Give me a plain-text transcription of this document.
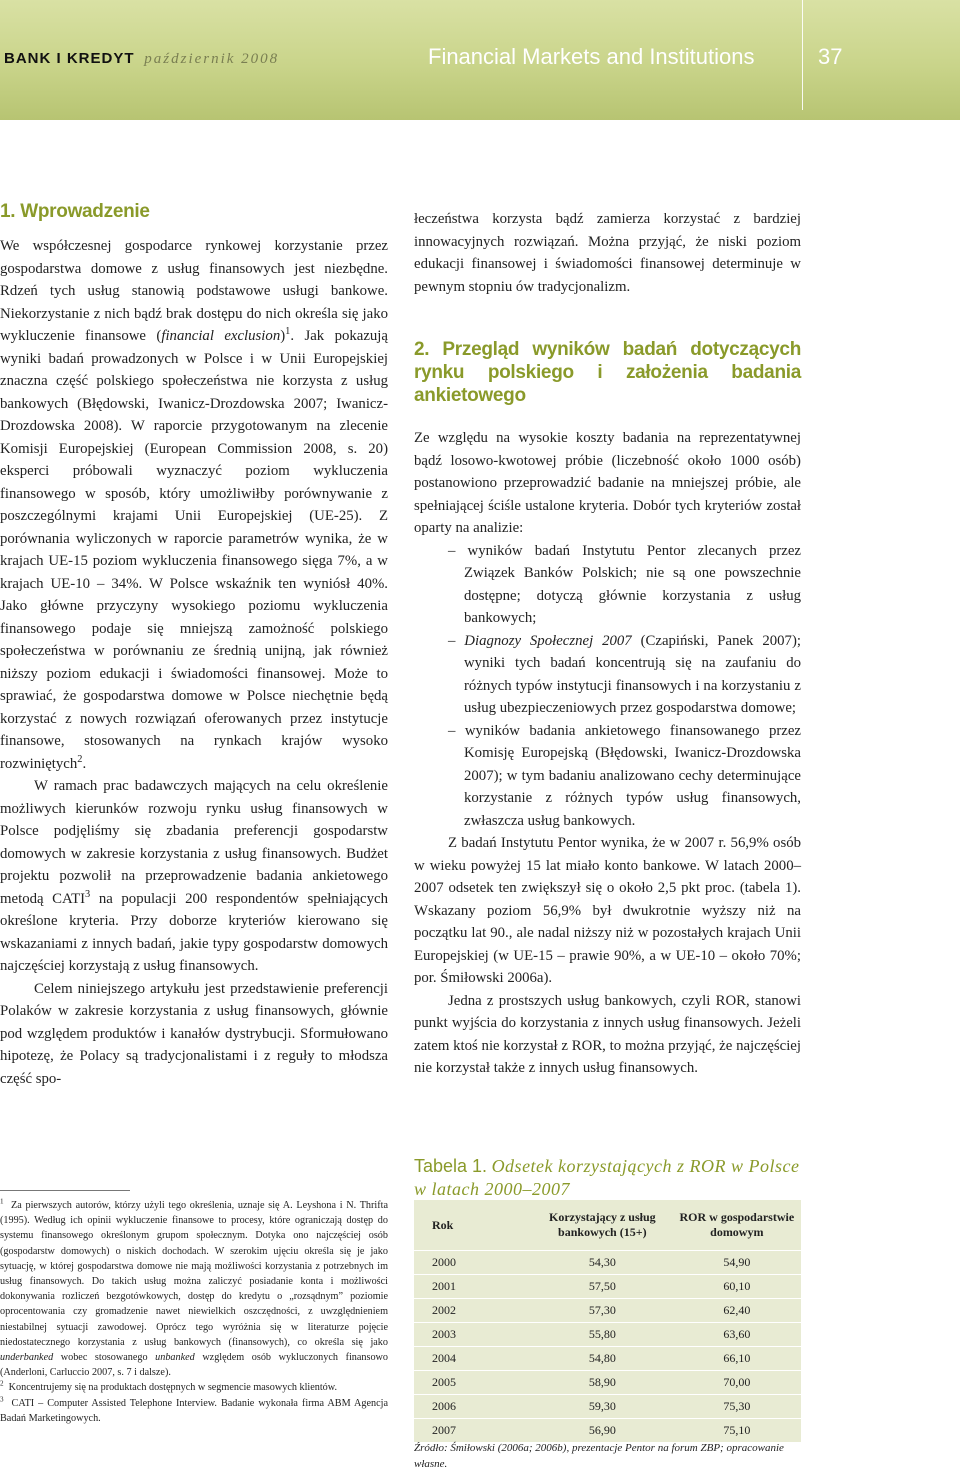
BANK I KREDYT październik 2008	Financial Markets and Institutions	37
1. Wprowadzenie

We współczesnej gospodarce rynkowej korzystanie przez gospodarstwa domowe z usług finansowych jest niezbędne. Rdzeń tych usług stanowią podstawowe usługi bankowe. Niekorzystanie z nich bądź brak dostępu do nich określa się jako wykluczenie finansowe (financial exclusion)$^1$. Jak pokazują wyniki badań prowadzonych w Polsce i w Unii Europejskiej znaczna część polskiego społeczeństwa nie korzysta z usług bankowych (Błędowski, Iwanicz-Drozdowska 2007; Iwanicz-Drozdowska 2008). W raporcie przygotowanym na zlecenie Komisji Europejskiej (European Commission 2008, s. 20) eksperci próbowali wyznaczyć poziom wykluczenia finansowego w sposób, który umożliwiłby porównywanie z poszczególnymi krajami Unii Europejskiej (UE-25). Z porównania wyliczonych w raporcie parametrów wynika, że w krajach UE-15 poziom wykluczenia finansowego sięga 7%, a w krajach UE-10 – 34%. W Polsce wskaźnik ten wyniósł 40%. Jako główne przyczyny wysokiego poziomu wykluczenia finansowego podaje się mniejszą zamożność polskiego społeczeństwa w porównaniu ze średnią unijną, jak również niższy poziom edukacji i świadomości finansowej. Może to sprawiać, że gospodarstwa domowe w Polsce niechętnie będą korzystać z nowych rozwiązań oferowanych przez instytucje finansowe, stosowanych na rynkach krajów wysoko rozwiniętych$^2$.

W ramach prac badawczych mających na celu określenie możliwych kierunków rozwoju rynku usług finansowych w Polsce podjęliśmy się zbadania preferencji gospodarstw domowych w zakresie korzystania z usług finansowych. Budżet projektu pozwolił na przeprowadzenie badania ankietowego metodą CATI$^3$ na populacji 200 respondentów spełniających określone kryteria. Przy doborze kryteriów kierowano się wskazaniami z innych badań, jakie typy gospodarstw domowych najczęściej korzystają z usług finansowych.

Celem niniejszego artykułu jest przedstawienie preferencji Polaków w zakresie korzystania z usług finansowych, głównie pod względem produktów i kanałów dystrybucji. Sformułowano hipotezę, że Polacy są tradycjonalistami i z reguły to młodsza część spo-

$^1$ Za pierwszych autorów, którzy użyli tego określenia, uznaje się A. Leyshona i N. Thrifta (1995). Według ich opinii wykluczenie finansowe to procesy, które ograniczają dostęp do systemu finansowego określonym grupom społecznym. Dotyka ono najczęściej osób (gospodarstw domowych) o niskich dochodach. W szerokim ujęciu określa się je jako sytuację, w której gospodarstwa domowe nie mają możliwości korzystania z potrzebnych im usług finansowych. Do takich usług można zaliczyć posiadanie konta i możliwości dokonywania rozliczeń bezgotówkowych, dostęp do kredytu o „rozsądnym” poziomie oprocentowania czy gromadzenie nawet niewielkich oszczędności, z uwzględnieniem niestabilnej sytuacji zawodowej. Oprócz tego wyróżnia się w literaturze pojęcie niedostatecznego korzystania z usług bankowych (finansowych), co określa się jako underbanked wobec stosowanego unbanked względem osób wykluczonych finansowo (Anderloni, Carluccio 2007, s. 7 i dalsze).

$^2$ Koncentrujemy się na produktach dostępnych w segmencie masowych klientów.

$^3$ CATI – Computer Assisted Telephone Interview. Badanie wykonała firma ABM Agencja Badań Marketingowych.

łeczeństwa korzysta bądź zamierza korzystać z bardziej innowacyjnych rozwiązań. Można przyjąć, że niski poziom edukacji finansowej i świadomości finansowej determinuje w pewnym stopniu ów tradycjonalizm.

2. Przegląd wyników badań dotyczących rynku polskiego i założenia badania ankietowego

Ze względu na wysokie koszty badania na reprezentatywnej bądź losowo-kwotowej próbie (liczebność około 1000 osób) postanowiono przeprowadzić badanie na mniejszej próbie, ale spełniającej ściśle ustalone kryteria. Dobór tych kryteriów został oparty na analizie:

– wyników badań Instytutu Pentor zlecanych przez Związek Banków Polskich; nie są one powszechnie dostępne; dotyczą głównie korzystania z usług bankowych;

– Diagnozy Społecznej 2007 (Czapiński, Panek 2007); wyniki tych badań koncentrują się na zaufaniu do różnych typów instytucji finansowych i na korzystaniu z usług ubezpieczeniowych przez gospodarstwa domowe;

– wyników badania ankietowego finansowanego przez Komisję Europejską (Błędowski, Iwanicz-Drozdowska 2007); w tym badaniu analizowano cechy determinujące korzystanie z różnych typów usług finansowych, zwłaszcza usług bankowych.

Z badań Instytutu Pentor wynika, że w 2007 r. 56,9% osób w wieku powyżej 15 lat miało konto bankowe. W latach 2000–2007 odsetek ten zwiększył się o około 2,5 pkt proc. (tabela 1). Wskazany poziom 56,9% był dwukrotnie wyższy niż na początku lat 90., ale nadal niższy niż w pozostałych krajach Unii Europejskiej (w UE-15 – prawie 90%, a w UE-10 – około 70%; por. Śmiłowski 2006a).

Jedna z prostszych usług bankowych, czyli ROR, stanowi punkt wyjścia do korzystania z innych usług finansowych. Jeżeli zatem ktoś nie korzystał z ROR, to można przyjąć, że najczęściej nie korzystał także z innych usług finansowych.

Tabela 1. Odsetek korzystających z ROR w Polsce w latach 2000–2007
Rok	Korzystający z usług bankowych (15+)	ROR w gospodarstwie domowym
2000	54,30	54,90
2001	57,50	60,10
2002	57,30	62,40
2003	55,80	63,60
2004	54,80	66,10
2005	58,90	70,00
2006	59,30	75,30
2007	56,90	75,10
Źródło: Śmiłowski (2006a; 2006b), prezentacje Pentor na forum ZBP; opracowanie własne.
